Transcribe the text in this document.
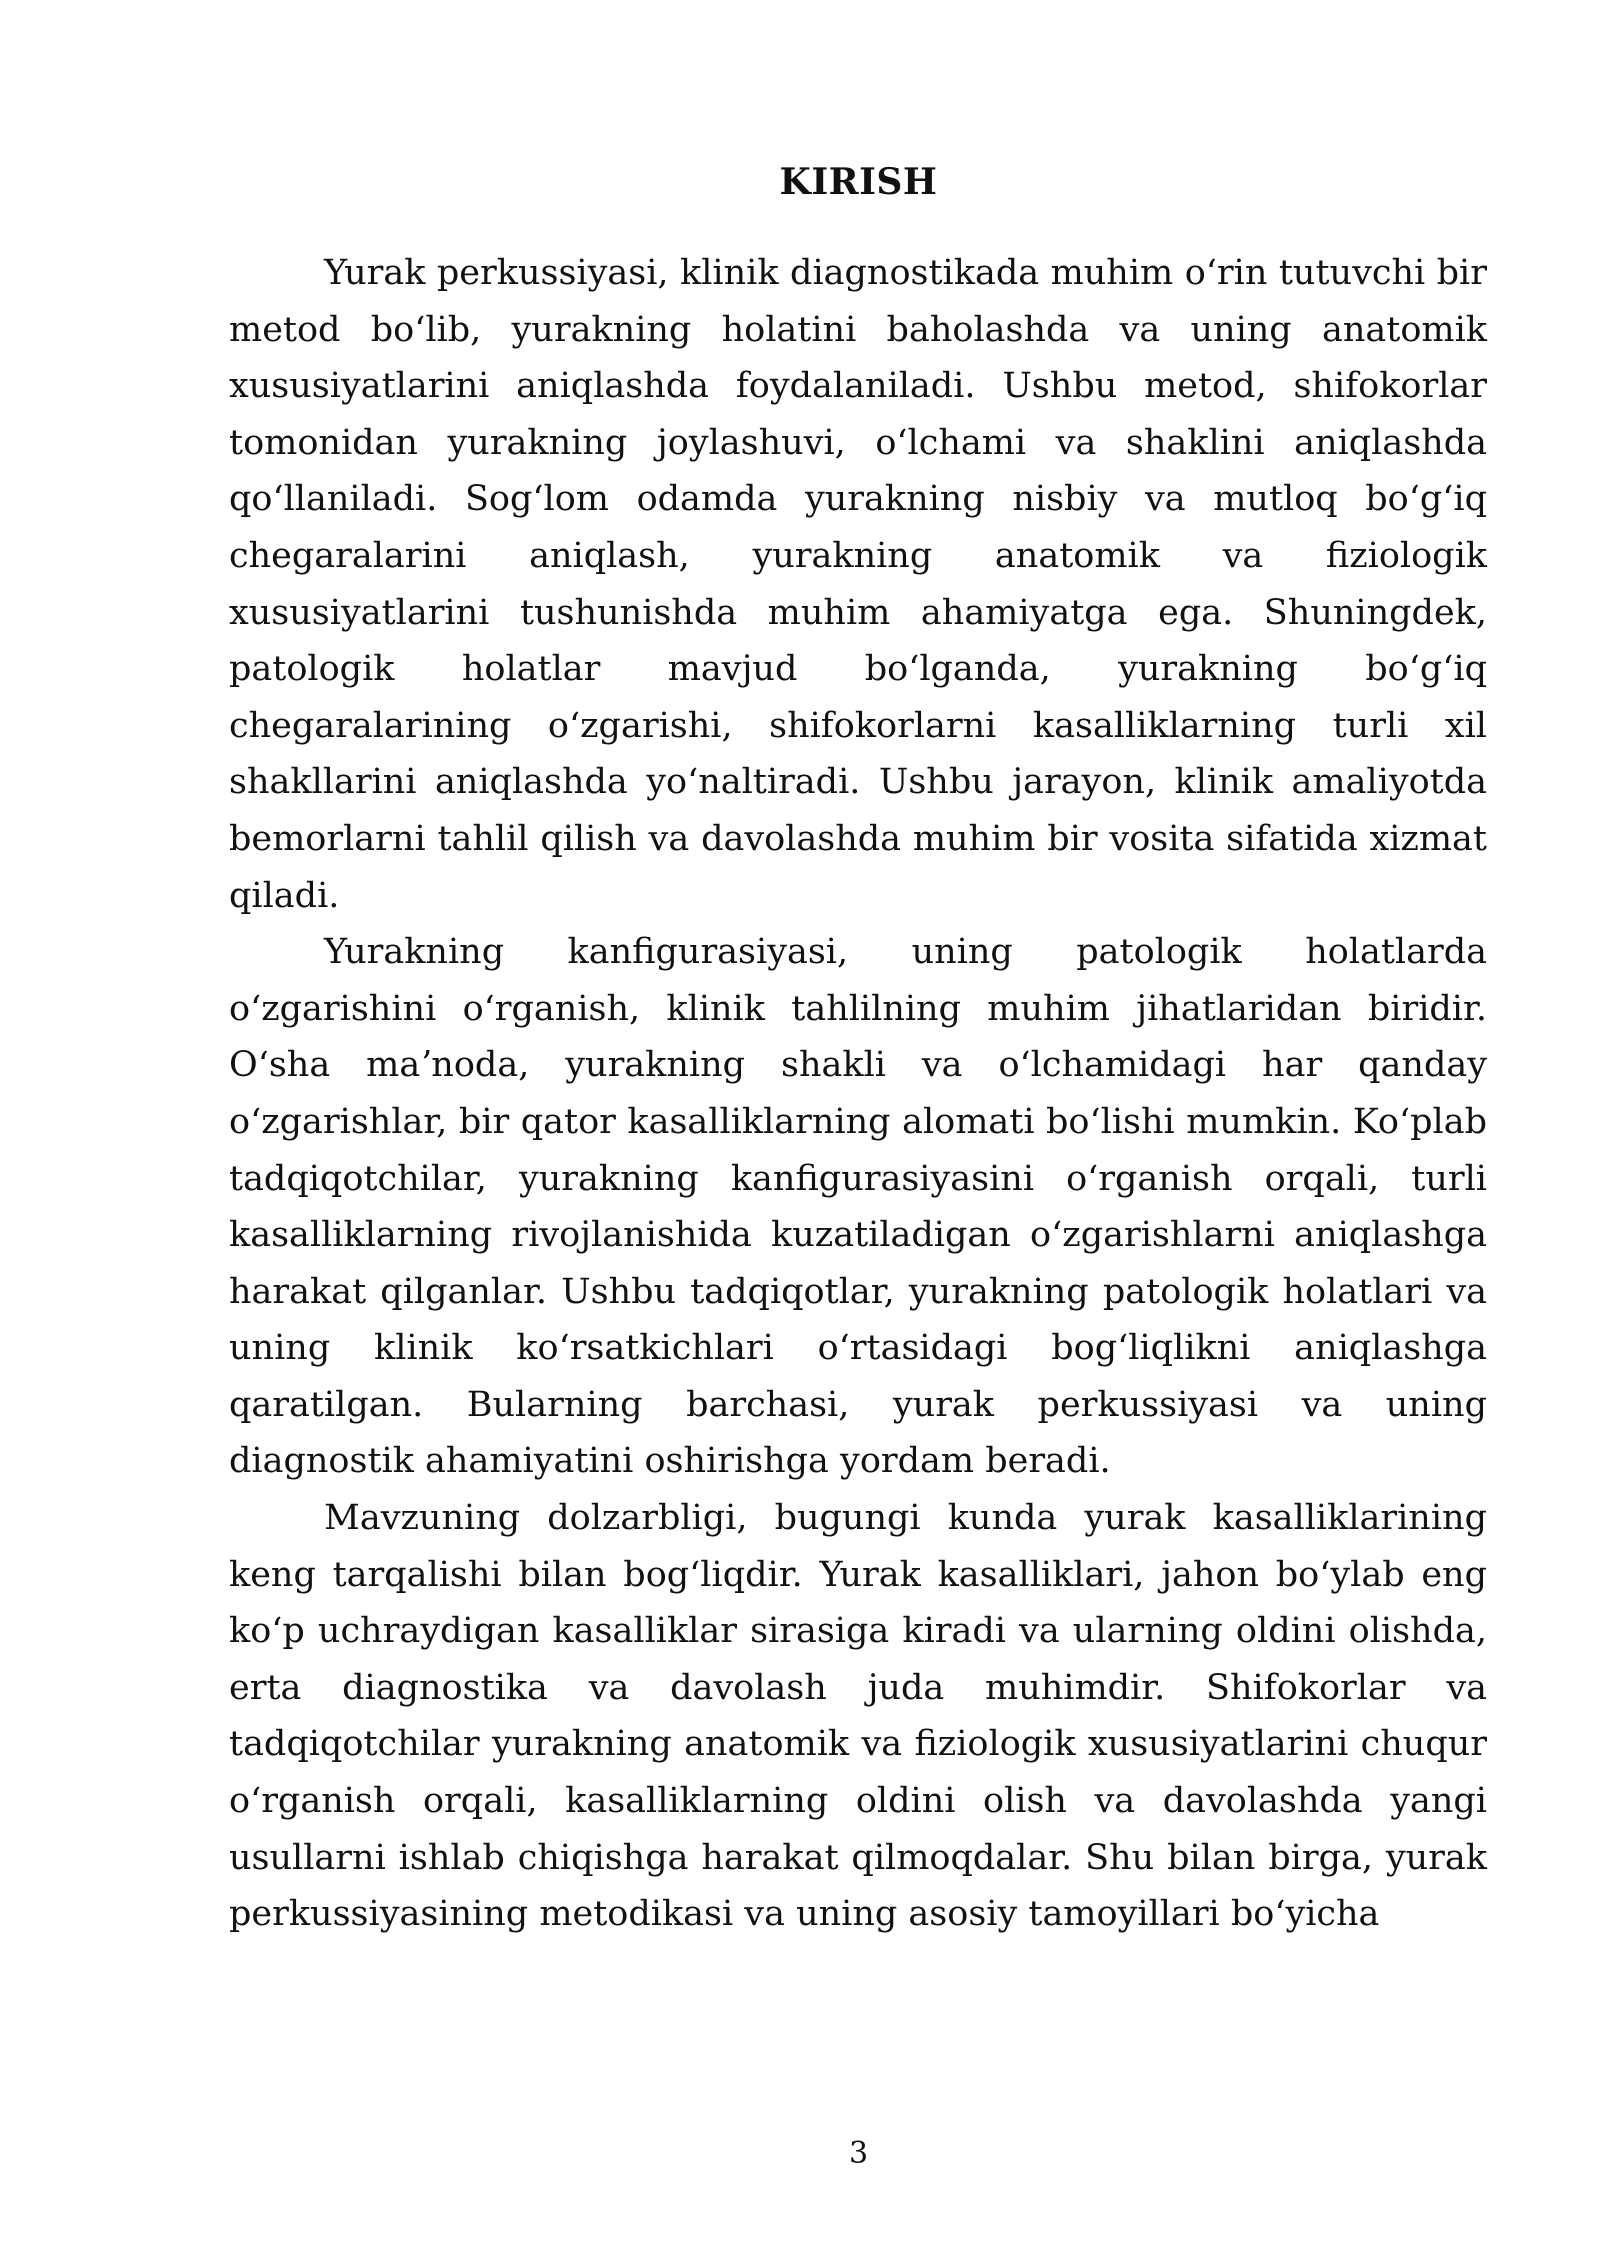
KIRISH

Yurak perkussiyasi, klinik diagnostikada muhim oʻrin tutuvchi bir metod boʻlib, yurakning holatini baholashda va uning anatomik xususiyatlarini aniqlashda foydalaniladi. Ushbu metod, shifokorlar tomonidan yurakning joylashuvi, oʻlchami va shaklini aniqlashda qoʻllaniladi. Sogʻlom odamda yurakning nisbiy va mutloq boʻgʻiq chegaralarini aniqlash, yurakning anatomik va fiziologik xususiyatlarini tushunishda muhim ahamiyatga ega. Shuningdek, patologik holatlar mavjud boʻlganda, yurakning boʻgʻiq chegaralarining oʻzgarishi, shifokorlarni kasalliklarning turli xil shakllarini aniqlashda yoʻnaltiradi. Ushbu jarayon, klinik amaliyotda bemorlarni tahlil qilish va davolashda muhim bir vosita sifatida xizmat qiladi.

Yurakning kanfigurasiyasi, uning patologik holatlarda oʻzgarishini oʻrganish, klinik tahlilning muhim jihatlaridan biridir. Oʻsha maʼnoda, yurakning shakli va oʻlchamidagi har qanday oʻzgarishlar, bir qator kasalliklarning alomati boʻlishi mumkin. Koʻplab tadqiqotchilar, yurakning kanfigurasiyasini oʻrganish orqali, turli kasalliklarning rivojlanishida kuzatiladigan oʻzgarishlarni aniqlashga harakat qilganlar. Ushbu tadqiqotlar, yurakning patologik holatlari va uning klinik koʻrsatkichlari oʻrtasidagi bogʻliqlikni aniqlashga qaratilgan. Bularning barchasi, yurak perkussiyasi va uning diagnostik ahamiyatini oshirishga yordam beradi.

Mavzuning dolzarbligi, bugungi kunda yurak kasalliklarining keng tarqalishi bilan bogʻliqdir. Yurak kasalliklari, jahon boʻylab eng koʻp uchraydigan kasalliklar sirasiga kiradi va ularning oldini olishda, erta diagnostika va davolash juda muhimdir. Shifokorlar va tadqiqotchilar yurakning anatomik va fiziologik xususiyatlarini chuqur oʻrganish orqali, kasalliklarning oldini olish va davolashda yangi usullarni ishlab chiqishga harakat qilmoqdalar. Shu bilan birga, yurak perkussiyasining metodikasi va uning asosiy tamoyillari boʻyicha

3
